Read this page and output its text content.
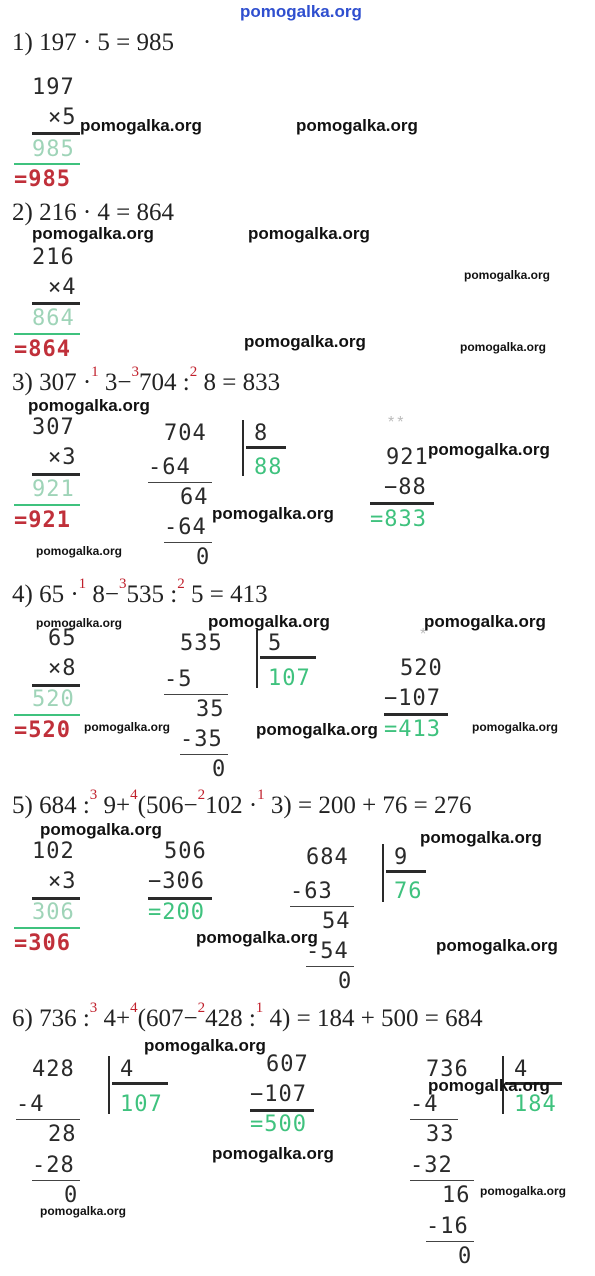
pomogalka.org
1) 197 · 5 = 985
197
×5
985
=985
2) 216 · 4 = 864
216
×4
864
=864
3) 307 ·$^1$ 3−$^3$704 :$^2$ 8 = 833
307
×3
921
=921
704 8
88
-64
64
-64
0
**
921
−88
=833
4) 65 ·$^1$ 8−$^3$535 :$^2$ 5 = 413
65
×8
520
=520
535 5
107
-5
35
-35
0
*
520
−107
=413
5) 684 :$^3$ 9+$^4$(506−$^2$102 ·$^1$ 3) = 200 + 76 = 276
102
×3
306
=306
506
−306
=200
684 9
76
-63
54
-54
0
6) 736 :$^3$ 4+$^4$(607−$^2$428 :$^1$ 4) = 184 + 500 = 684
428 4
107
-4
28
-28
0
607
−107
=500
736 4
184
-4
33
-32
16
-16
0
pomogalka.org	pomogalka.org
pomogalka.org	pomogalka.org
pomogalka.org
pomogalka.org	pomogalka.org
pomogalka.org
pomogalka.org
pomogalka.org
pomogalka.org
pomogalka.org	pomogalka.org	pomogalka.org
pomogalka.org	pomogalka.org	pomogalka.org
pomogalka.org	pomogalka.org
pomogalka.org	pomogalka.org
pomogalka.org
pomogalka.org
pomogalka.org
pomogalka.org
pomogalka.org
